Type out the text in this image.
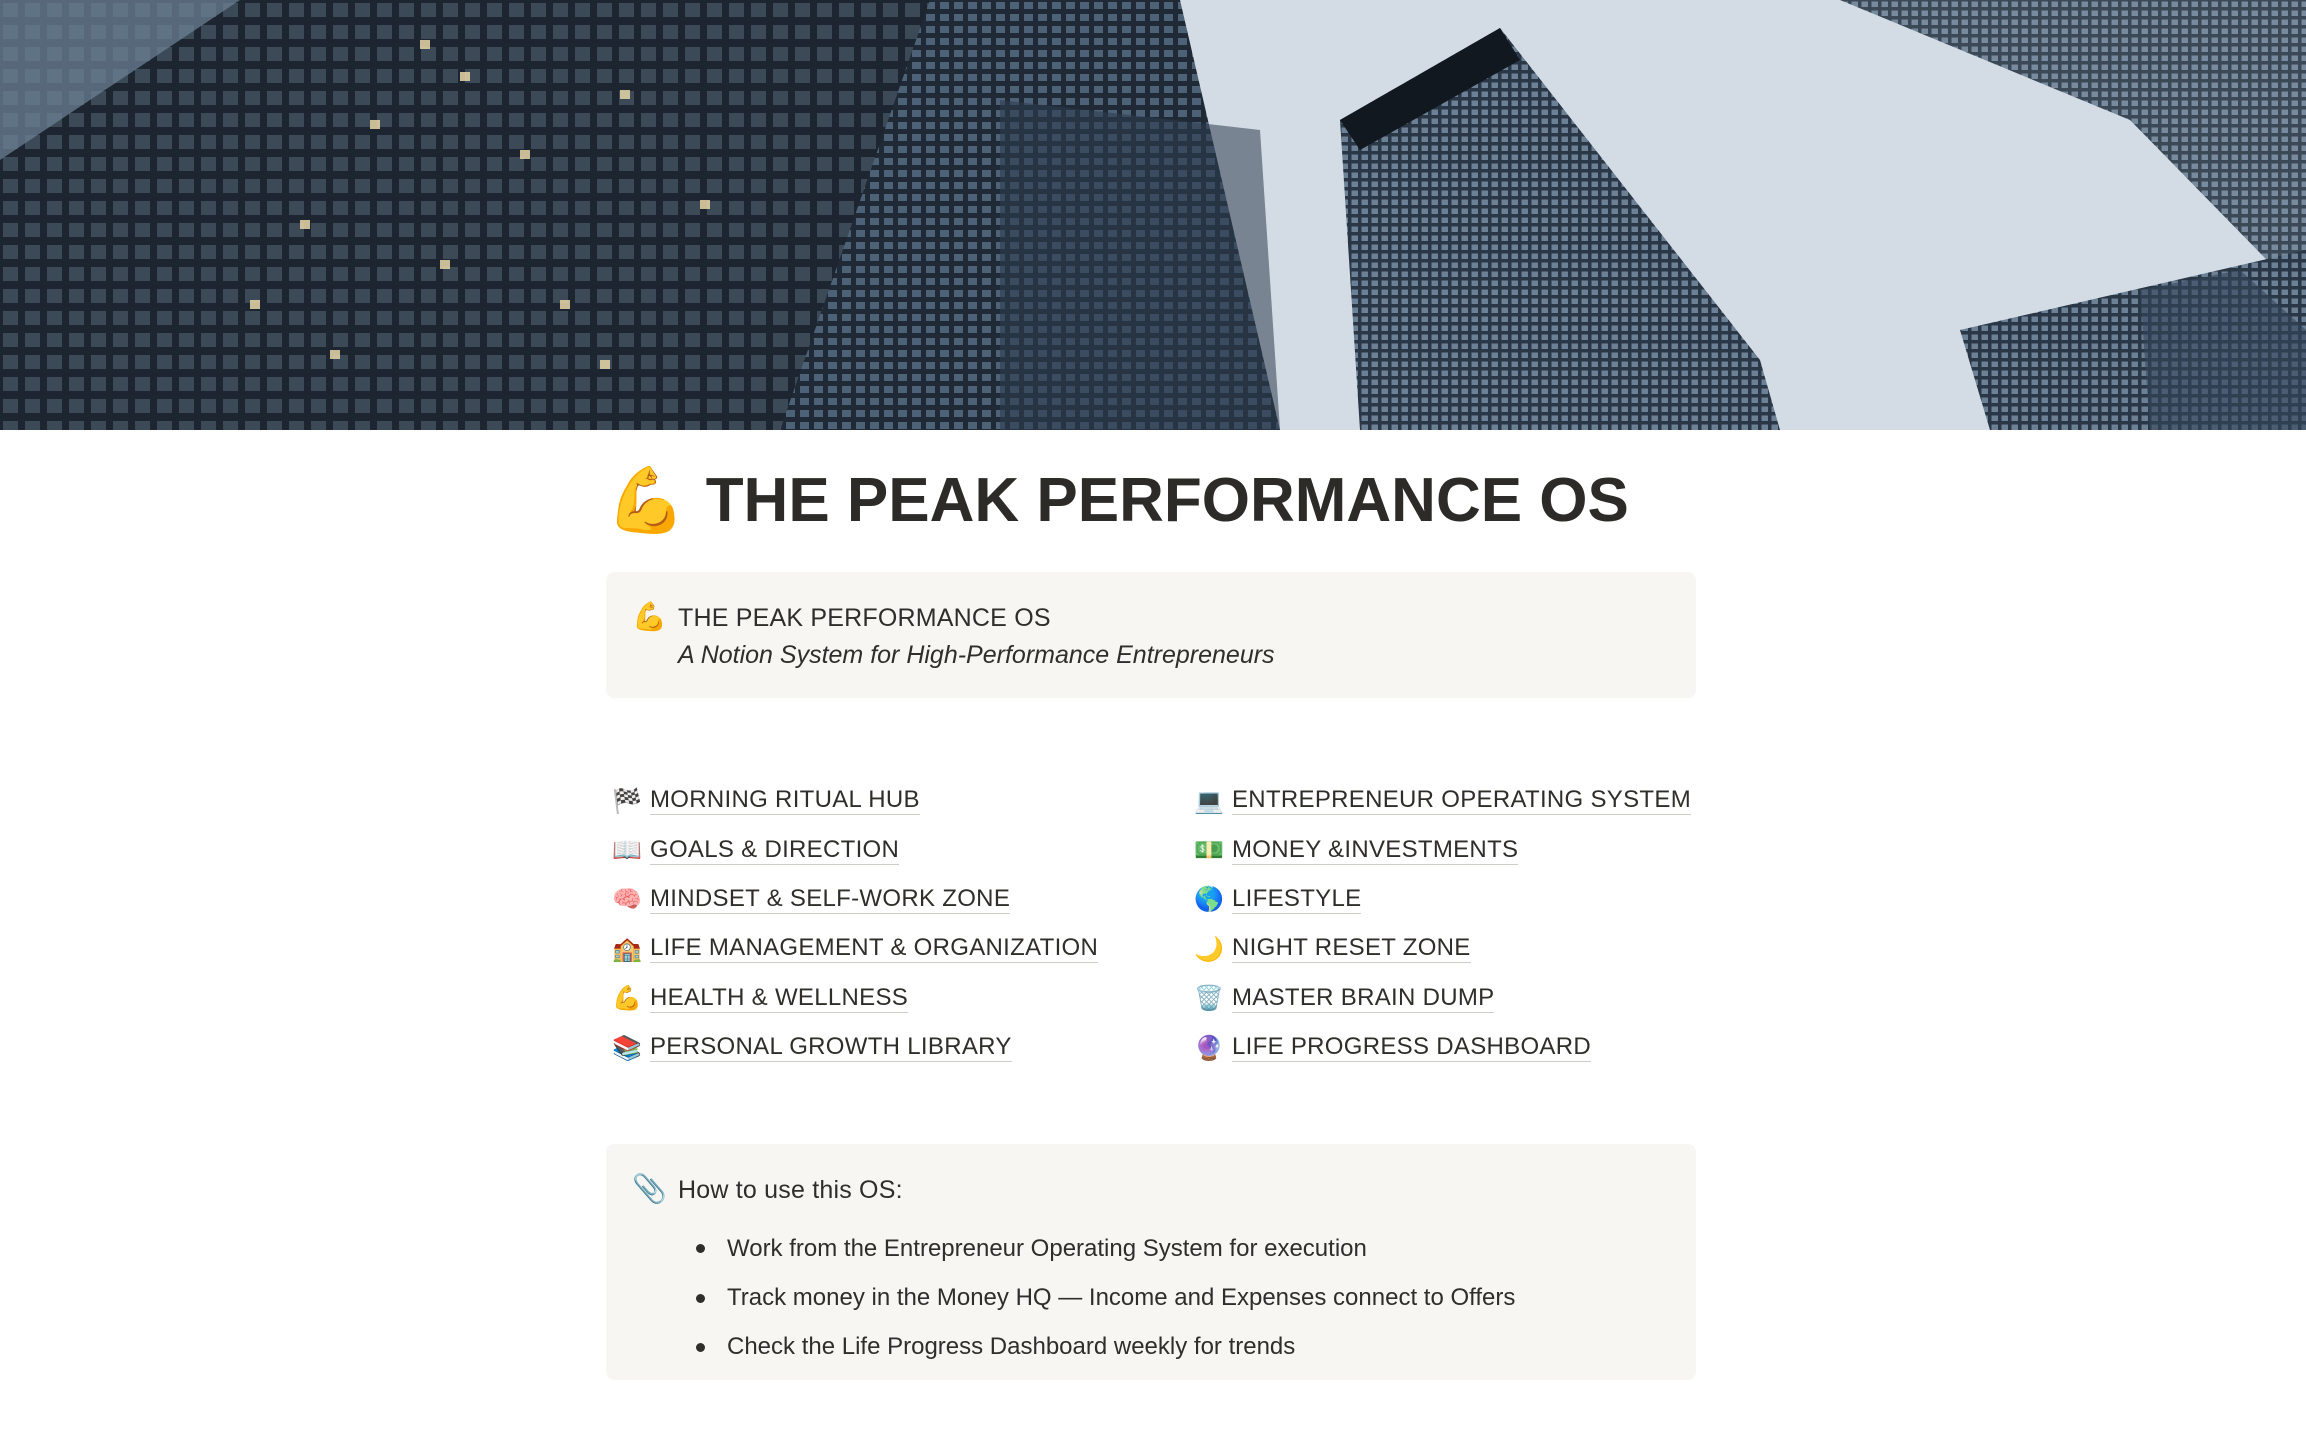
💪 THE PEAK PERFORMANCE OS
💪 THE PEAK PERFORMANCE OS
A Notion System for High-Performance Entrepreneurs
🏁 MORNING RITUAL HUB
📖 GOALS & DIRECTION
🧠 MINDSET & SELF-WORK ZONE
🏫 LIFE MANAGEMENT & ORGANIZATION
💪 HEALTH & WELLNESS
📚 PERSONAL GROWTH LIBRARY
💻 ENTREPRENEUR OPERATING SYSTEM
💵 MONEY &INVESTMENTS
🌎 LIFESTYLE
🌙 NIGHT RESET ZONE
🗑️ MASTER BRAIN DUMP
🔮 LIFE PROGRESS DASHBOARD
📎 How to use this OS:
Work from the Entrepreneur Operating System for execution
Track money in the Money HQ — Income and Expenses connect to Offers
Check the Life Progress Dashboard weekly for trends
